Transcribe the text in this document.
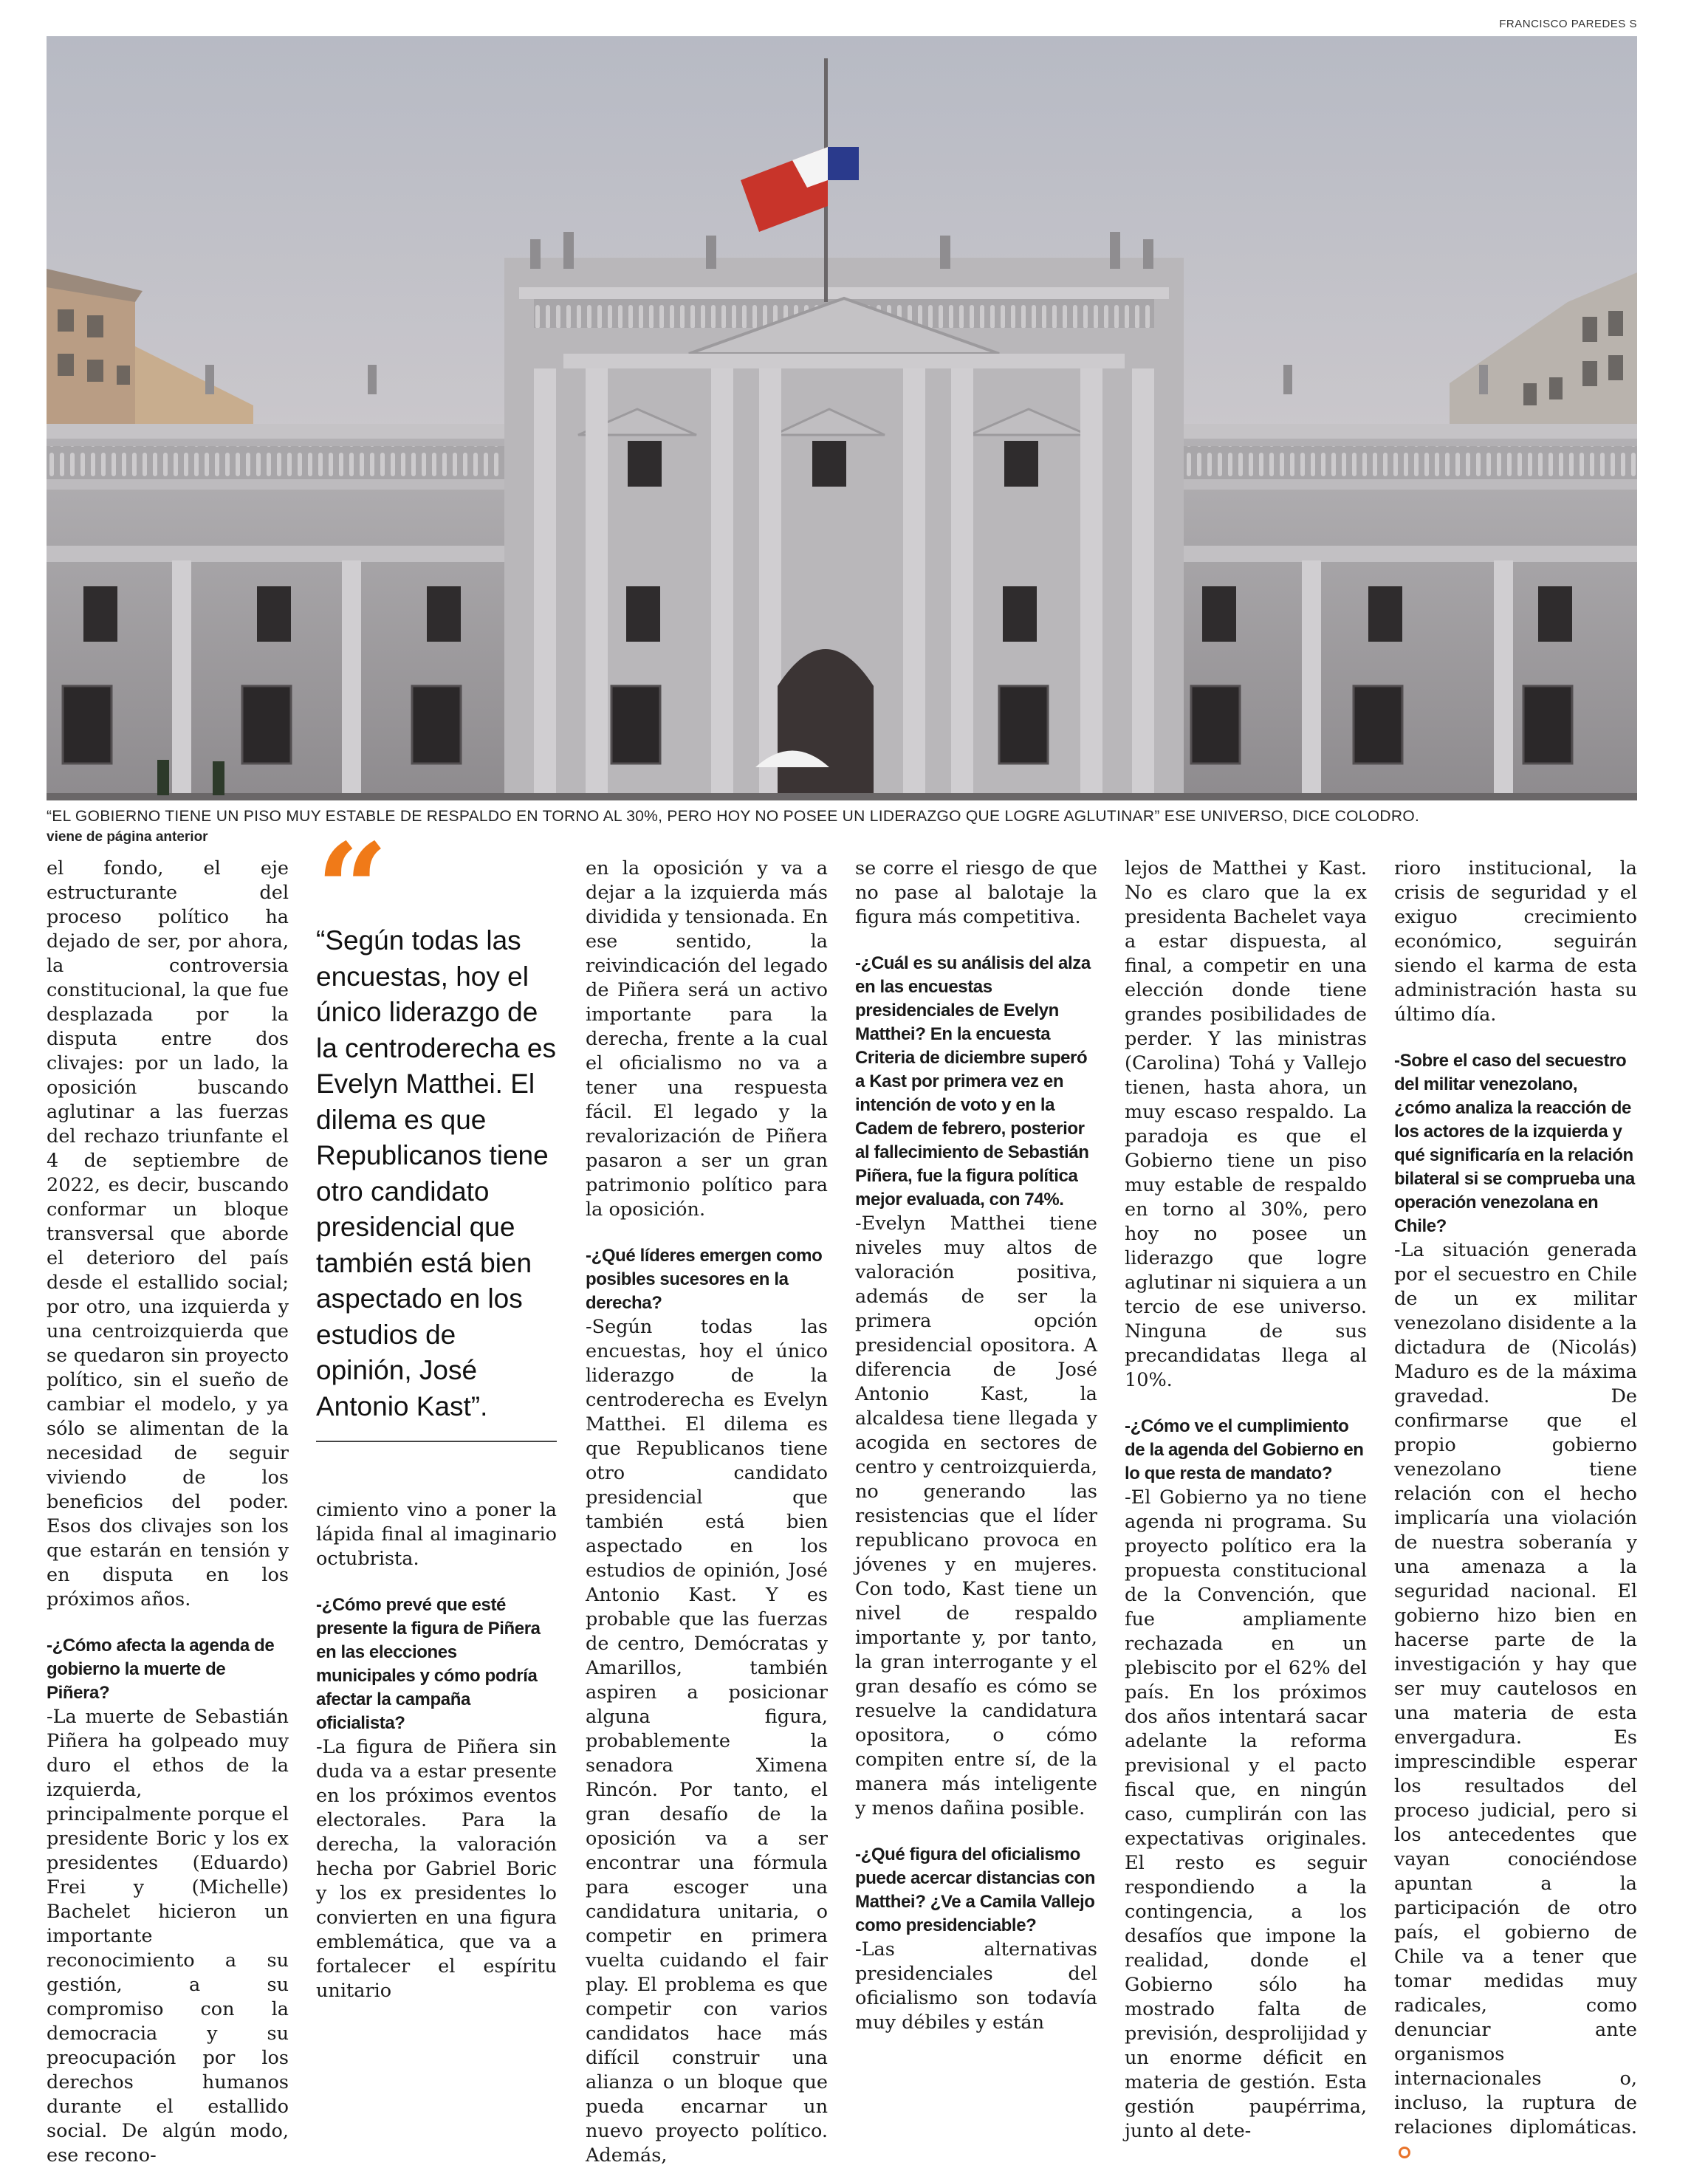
FRANCISCO PAREDES S
“EL GOBIERNO TIENE UN PISO MUY ESTABLE DE RESPALDO EN TORNO AL 30%, PERO HOY NO POSEE UN LIDERAZGO QUE LOGRE AGLUTINAR” ESE UNIVERSO, DICE COLODRO.
viene de página anterior

el fondo, el eje estructurante del proceso político ha dejado de ser, por ahora, la controversia constitucional, la que fue desplazada por la disputa entre dos clivajes: por un lado, la oposición buscando aglutinar a las fuerzas del rechazo triunfante el 4 de septiembre de 2022, es decir, buscando conformar un bloque transversal que aborde el deterioro del país desde el estallido social; por otro, una izquierda y una centroizquierda que se quedaron sin proyecto político, sin el sueño de cambiar el modelo, y ya sólo se alimentan de la necesidad de seguir viviendo de los beneficios del poder. Esos dos clivajes son los que estarán en tensión y en disputa en los próximos años.

-¿Cómo afecta la agenda de gobierno la muerte de Piñera?

-La muerte de Sebastián Piñera ha golpeado muy duro el ethos de la izquierda, principalmente porque el presidente Boric y los ex presidentes (Eduardo) Frei y (Michelle) Bachelet hicieron un importante reconocimiento a su gestión, a su compromiso con la democracia y su preocupación por los derechos humanos durante el estallido social. De algún modo, ese recono-

“
“Según todas las encuestas, hoy el único liderazgo de la centroderecha es Evelyn Matthei. El dilema es que Republicanos tiene otro candidato presidencial que también está bien aspectado en los estudios de opinión, José Antonio Kast”.

cimiento vino a poner la lápida final al imaginario octubrista.

-¿Cómo prevé que esté presente la figura de Piñera en las elecciones municipales y cómo podría afectar la campaña oficialista?

-La figura de Piñera sin duda va a estar presente en los próximos eventos electorales. Para la derecha, la valoración hecha por Gabriel Boric y los ex presidentes lo convierten en una figura emblemática, que va a fortalecer el espíritu unitario

en la oposición y va a dejar a la izquierda más dividida y tensionada. En ese sentido, la reivindicación del legado de Piñera será un activo importante para la derecha, frente a la cual el oficialismo no va a tener una respuesta fácil. El legado y la revalorización de Piñera pasaron a ser un gran patrimonio político para la oposición.

-¿Qué líderes emergen como posibles sucesores en la derecha?

-Según todas las encuestas, hoy el único liderazgo de la centroderecha es Evelyn Matthei. El dilema es que Republicanos tiene otro candidato presidencial que también está bien aspectado en los estudios de opinión, José Antonio Kast. Y es probable que las fuerzas de centro, Demócratas y Amarillos, también aspiren a posicionar alguna figura, probablemente la senadora Ximena Rincón. Por tanto, el gran desafío de la oposición va a ser encontrar una fórmula para escoger una candidatura unitaria, o competir en primera vuelta cuidando el fair play. El problema es que competir con varios candidatos hace más difícil construir una alianza o un bloque que pueda encarnar un nuevo proyecto político. Además,

se corre el riesgo de que no pase al balotaje la figura más competitiva.

-¿Cuál es su análisis del alza en las encuestas presidenciales de Evelyn Matthei? En la encuesta Criteria de diciembre superó a Kast por primera vez en intención de voto y en la Cadem de febrero, posterior al fallecimiento de Sebastián Piñera, fue la figura política mejor evaluada, con 74%.

-Evelyn Matthei tiene niveles muy altos de valoración positiva, además de ser la primera opción presidencial opositora. A diferencia de José Antonio Kast, la alcaldesa tiene llegada y acogida en sectores de centro y centroizquierda, no generando las resistencias que el líder republicano provoca en jóvenes y en mujeres. Con todo, Kast tiene un nivel de respaldo importante y, por tanto, la gran interrogante y el gran desafío es cómo se resuelve la candidatura opositora, o cómo compiten entre sí, de la manera más inteligente y menos dañina posible.

-¿Qué figura del oficialismo puede acercar distancias con Matthei? ¿Ve a Camila Vallejo como presidenciable?

-Las alternativas presidenciales del oficialismo son todavía muy débiles y están

lejos de Matthei y Kast. No es claro que la ex presidenta Bachelet vaya a estar dispuesta, al final, a competir en una elección donde tiene grandes posibilidades de perder. Y las ministras (Carolina) Tohá y Vallejo tienen, hasta ahora, un muy escaso respaldo. La paradoja es que el Gobierno tiene un piso muy estable de respaldo en torno al 30%, pero hoy no posee un liderazgo que logre aglutinar ni siquiera a un tercio de ese universo. Ninguna de sus precandidatas llega al 10%.

-¿Cómo ve el cumplimiento de la agenda del Gobierno en lo que resta de mandato?

-El Gobierno ya no tiene agenda ni programa. Su proyecto político era la propuesta constitucional de la Convención, que fue ampliamente rechazada en un plebiscito por el 62% del país. En los próximos dos años intentará sacar adelante la reforma previsional y el pacto fiscal que, en ningún caso, cumplirán con las expectativas originales. El resto es seguir respondiendo a la contingencia, a los desafíos que impone la realidad, donde el Gobierno sólo ha mostrado falta de previsión, desprolijidad y un enorme déficit en materia de gestión. Esta gestión paupérrima, junto al dete-

rioro institucional, la crisis de seguridad y el exiguo crecimiento económico, seguirán siendo el karma de esta administración hasta su último día.

-Sobre el caso del secuestro del militar venezolano, ¿cómo analiza la reacción de los actores de la izquierda y qué significaría en la relación bilateral si se comprueba una operación venezolana en Chile?

-La situación generada por el secuestro en Chile de un ex militar venezolano disidente a la dictadura de (Nicolás) Maduro es de la máxima gravedad. De confirmarse que el propio gobierno venezolano tiene relación con el hecho implicaría una violación de nuestra soberanía y una amenaza a la seguridad nacional. El gobierno hizo bien en hacerse parte de la investigación y hay que ser muy cautelosos en una materia de esta envergadura. Es imprescindible esperar los resultados del proceso judicial, pero si los antecedentes que vayan conociéndose apuntan a la participación de otro país, el gobierno de Chile va a tener que tomar medidas muy radicales, como denunciar ante organismos internacionales o, incluso, la ruptura de relaciones diplomáticas.
